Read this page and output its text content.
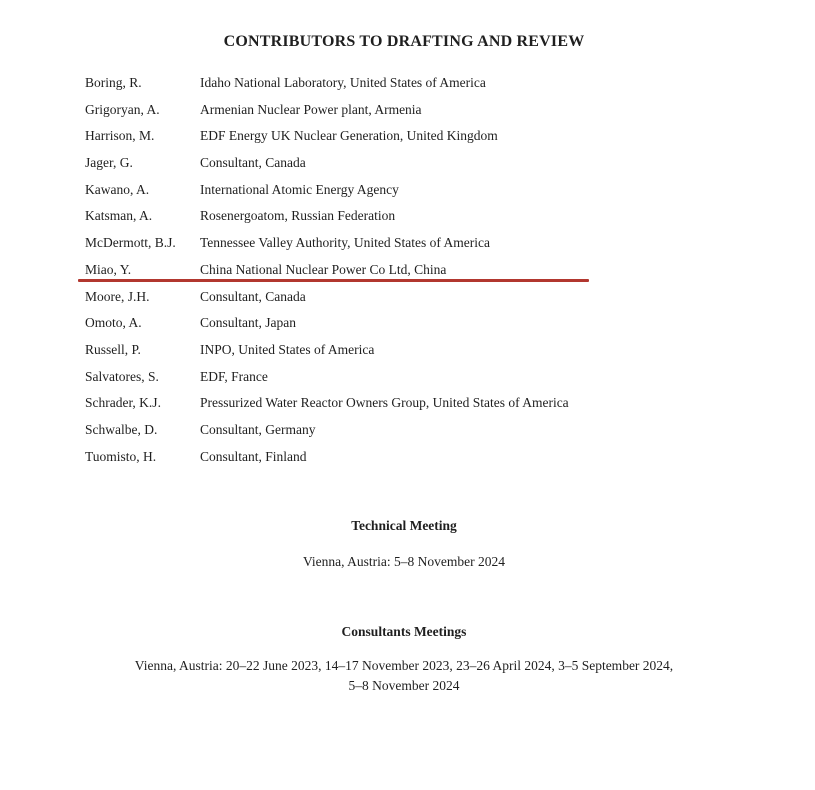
CONTRIBUTORS TO DRAFTING AND REVIEW
Boring, R.	Idaho National Laboratory, United States of America
Grigoryan, A.	Armenian Nuclear Power plant, Armenia
Harrison, M.	EDF Energy UK Nuclear Generation, United Kingdom
Jager, G.	Consultant, Canada
Kawano, A.	International Atomic Energy Agency
Katsman, A.	Rosenergoatom, Russian Federation
McDermott, B.J.	Tennessee Valley Authority, United States of America
Miao, Y.	China National Nuclear Power Co Ltd, China
Moore, J.H.	Consultant, Canada
Omoto, A.	Consultant, Japan
Russell, P.	INPO, United States of America
Salvatores, S.	EDF, France
Schrader, K.J.	Pressurized Water Reactor Owners Group, United States of America
Schwalbe, D.	Consultant, Germany
Tuomisto, H.	Consultant, Finland
Technical Meeting
Vienna, Austria: 5–8 November 2024
Consultants Meetings
Vienna, Austria: 20–22 June 2023, 14–17 November 2023, 23–26 April 2024, 3–5 September 2024,
5–8 November 2024
